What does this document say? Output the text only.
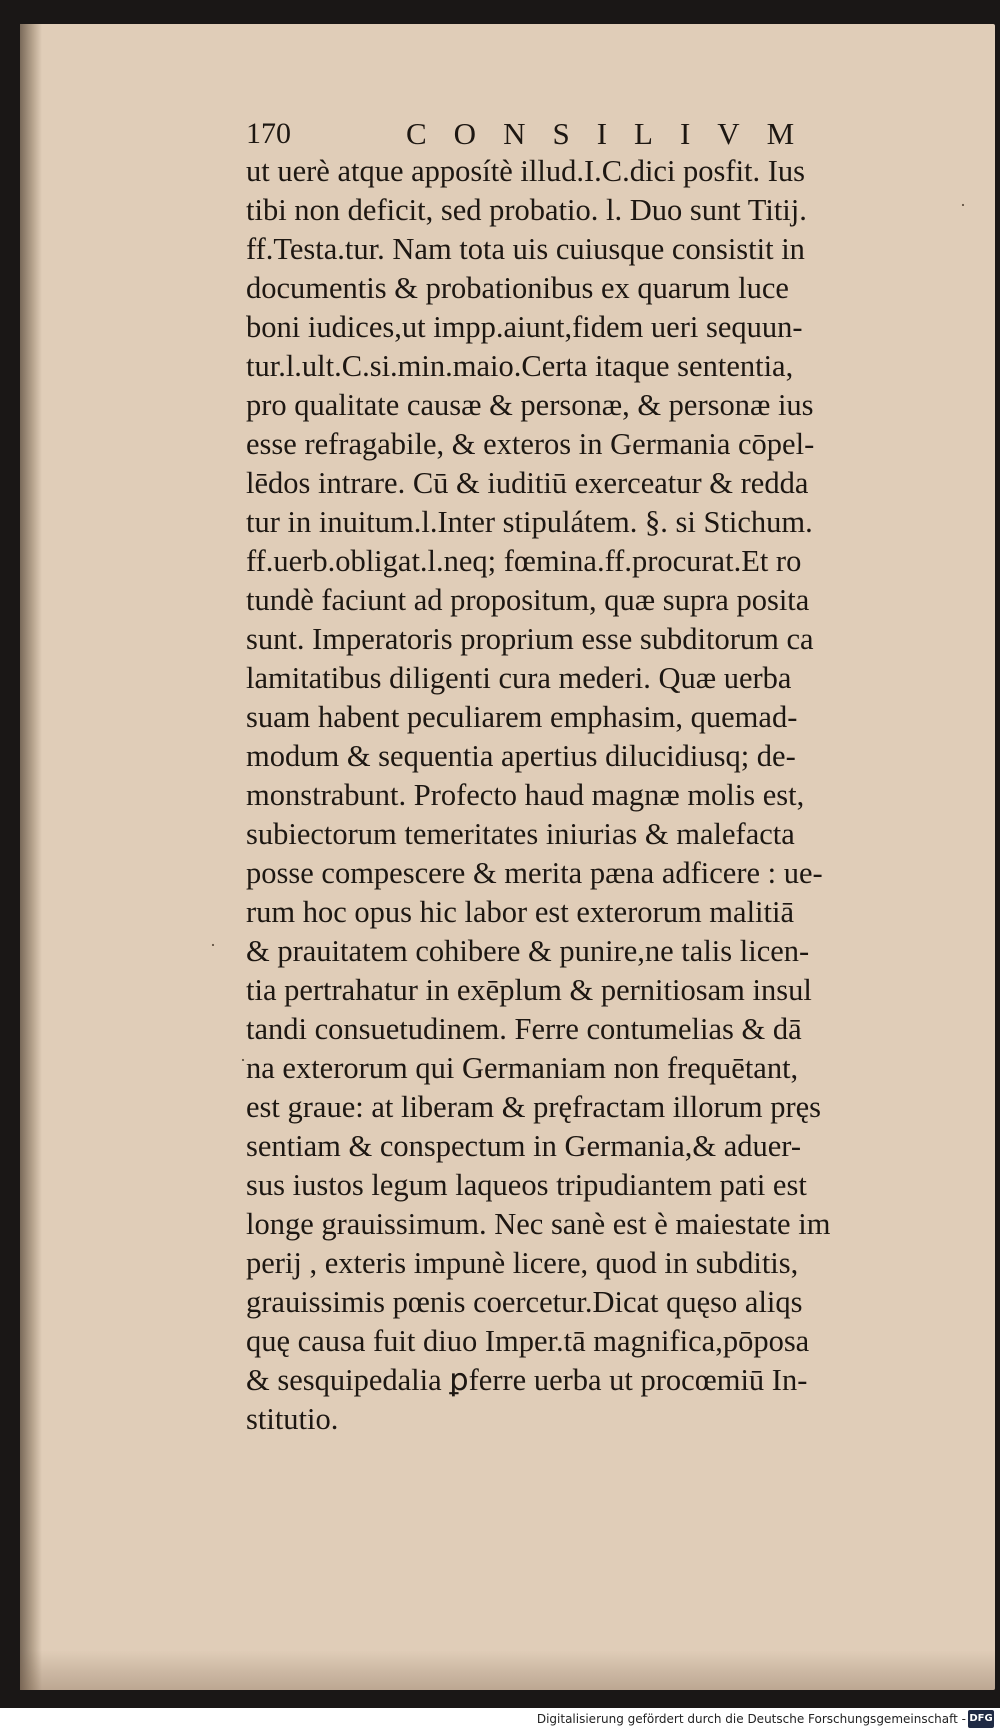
170	CONSILIVM
ut uerè atque apposítè illud.I.C.dici posfit. Ius
tibi non deficit, sed probatio. l. Duo sunt Titij.
ff.Testa.tur. Nam tota uis cuiusque consistit in
documentis & probationibus ex quarum luce
boni iudices,ut impp.aiunt,fidem ueri sequun-
tur.l.ult.C.si.min.maio.Certa itaque sententia,
pro qualitate causæ & personæ, & personæ ius
esse refragabile, & exteros in Germania cōpel-
lēdos intrare. Cū & iuditiū exerceatur & redda
tur in inuitum.l.Inter stipulátem. §. si Stichum.
ff.uerb.obligat.l.neq; fœmina.ff.procurat.Et ro
tundè faciunt ad propositum, quæ supra posita
sunt. Imperatoris proprium esse subditorum ca
lamitatibus diligenti cura mederi. Quæ uerba
suam habent peculiarem emphasim, quemad-
modum & sequentia apertius dilucidiusq; de-
monstrabunt. Profecto haud magnæ molis est,
subiectorum temeritates iniurias & malefacta
posse compescere & merita pæna adficere : ue-
rum hoc opus hic labor est exterorum malitiā
& prauitatem cohibere & punire,ne talis licen-
tia pertrahatur in exēplum & pernitiosam insul
tandi consuetudinem. Ferre contumelias & dā
na exterorum qui Germaniam non frequētant,
est graue: at liberam & pręfractam illorum pręs
sentiam & conspectum in Germania,& aduer-
sus iustos legum laqueos tripudiantem pati est
longe grauissimum. Nec sanè est è maiestate im
perij , exteris impunè licere, quod in subditis,
grauissimis pœnis coercetur.Dicat quęso aliqs
quę causa fuit diuo Imper.tā magnifica,pōposa
& sesquipedalia ꝑferre uerba ut procœmiū In-
stitutio.
·
·
·
Digitalisierung gefördert durch die Deutsche Forschungsgemeinschaft - DFG
